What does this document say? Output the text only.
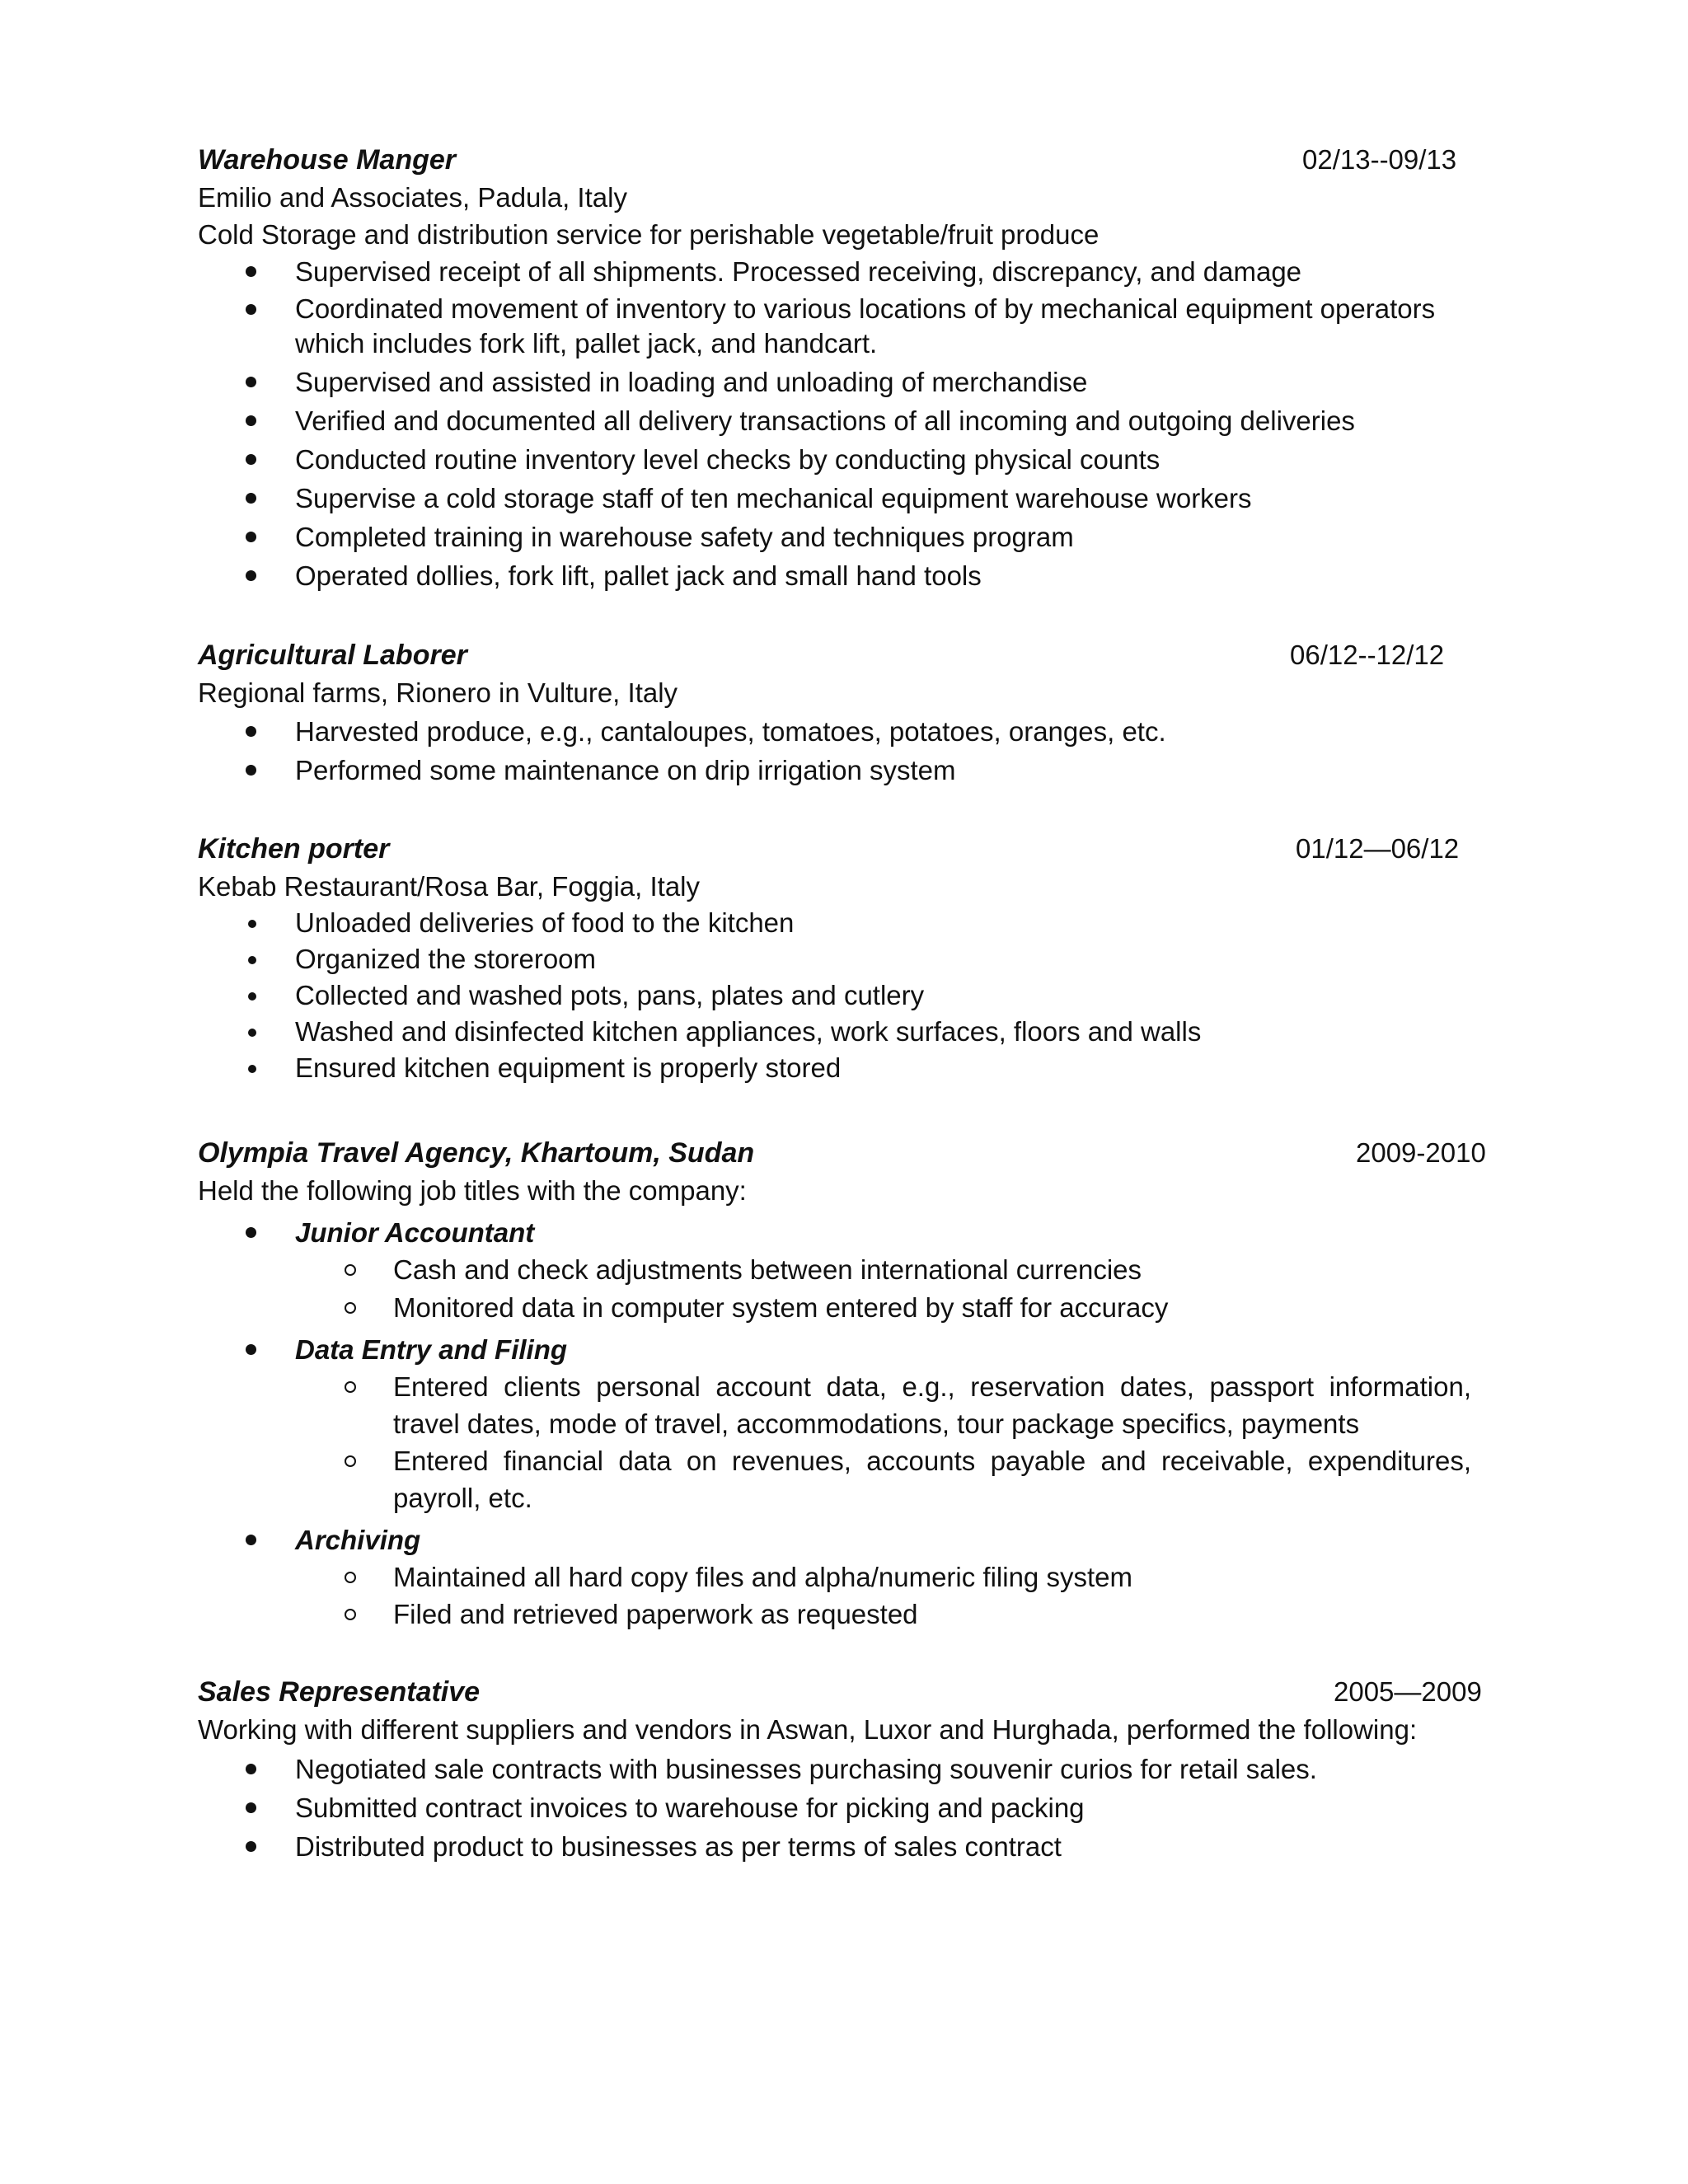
Warehouse Manger	02/13--09/13
Emilio and Associates, Padula, Italy
Cold Storage and distribution service for perishable vegetable/fruit produce
Supervised receipt of all shipments. Processed receiving, discrepancy, and damage
Coordinated movement of inventory to various locations of by mechanical equipment operators which includes fork lift, pallet jack, and handcart.
Supervised and assisted in loading and unloading of merchandise
Verified and documented all delivery transactions of all incoming and outgoing deliveries
Conducted routine inventory level checks by conducting physical counts
Supervise a cold storage staff of ten mechanical equipment warehouse workers
Completed training in warehouse safety and techniques program
Operated dollies, fork lift, pallet jack and small hand tools
Agricultural Laborer	06/12--12/12
Regional farms, Rionero in Vulture, Italy
Harvested produce, e.g., cantaloupes, tomatoes, potatoes, oranges, etc.
Performed some maintenance on drip irrigation system
Kitchen porter	01/12—06/12
Kebab Restaurant/Rosa Bar, Foggia, Italy
Unloaded deliveries of food to the kitchen
Organized the storeroom
Collected and washed pots, pans, plates and cutlery
Washed and disinfected kitchen appliances, work surfaces, floors and walls
Ensured kitchen equipment is properly stored
Olympia Travel Agency, Khartoum, Sudan	2009-2010
Held the following job titles with the company:
Junior Accountant
Cash and check adjustments between international currencies
Monitored data in computer system entered by staff for accuracy
Data Entry and Filing
Entered clients personal account data, e.g., reservation dates, passport information, travel dates, mode of travel, accommodations, tour package specifics, payments
Entered financial data on revenues, accounts payable and receivable, expenditures, payroll, etc.
Archiving
Maintained all hard copy files and alpha/numeric filing system
Filed and retrieved paperwork as requested
Sales Representative	2005—2009
Working with different suppliers and vendors in Aswan, Luxor and Hurghada, performed the following:
Negotiated sale contracts with businesses purchasing souvenir curios for retail sales.
Submitted contract invoices to warehouse for picking and packing
Distributed product to businesses as per terms of sales contract
